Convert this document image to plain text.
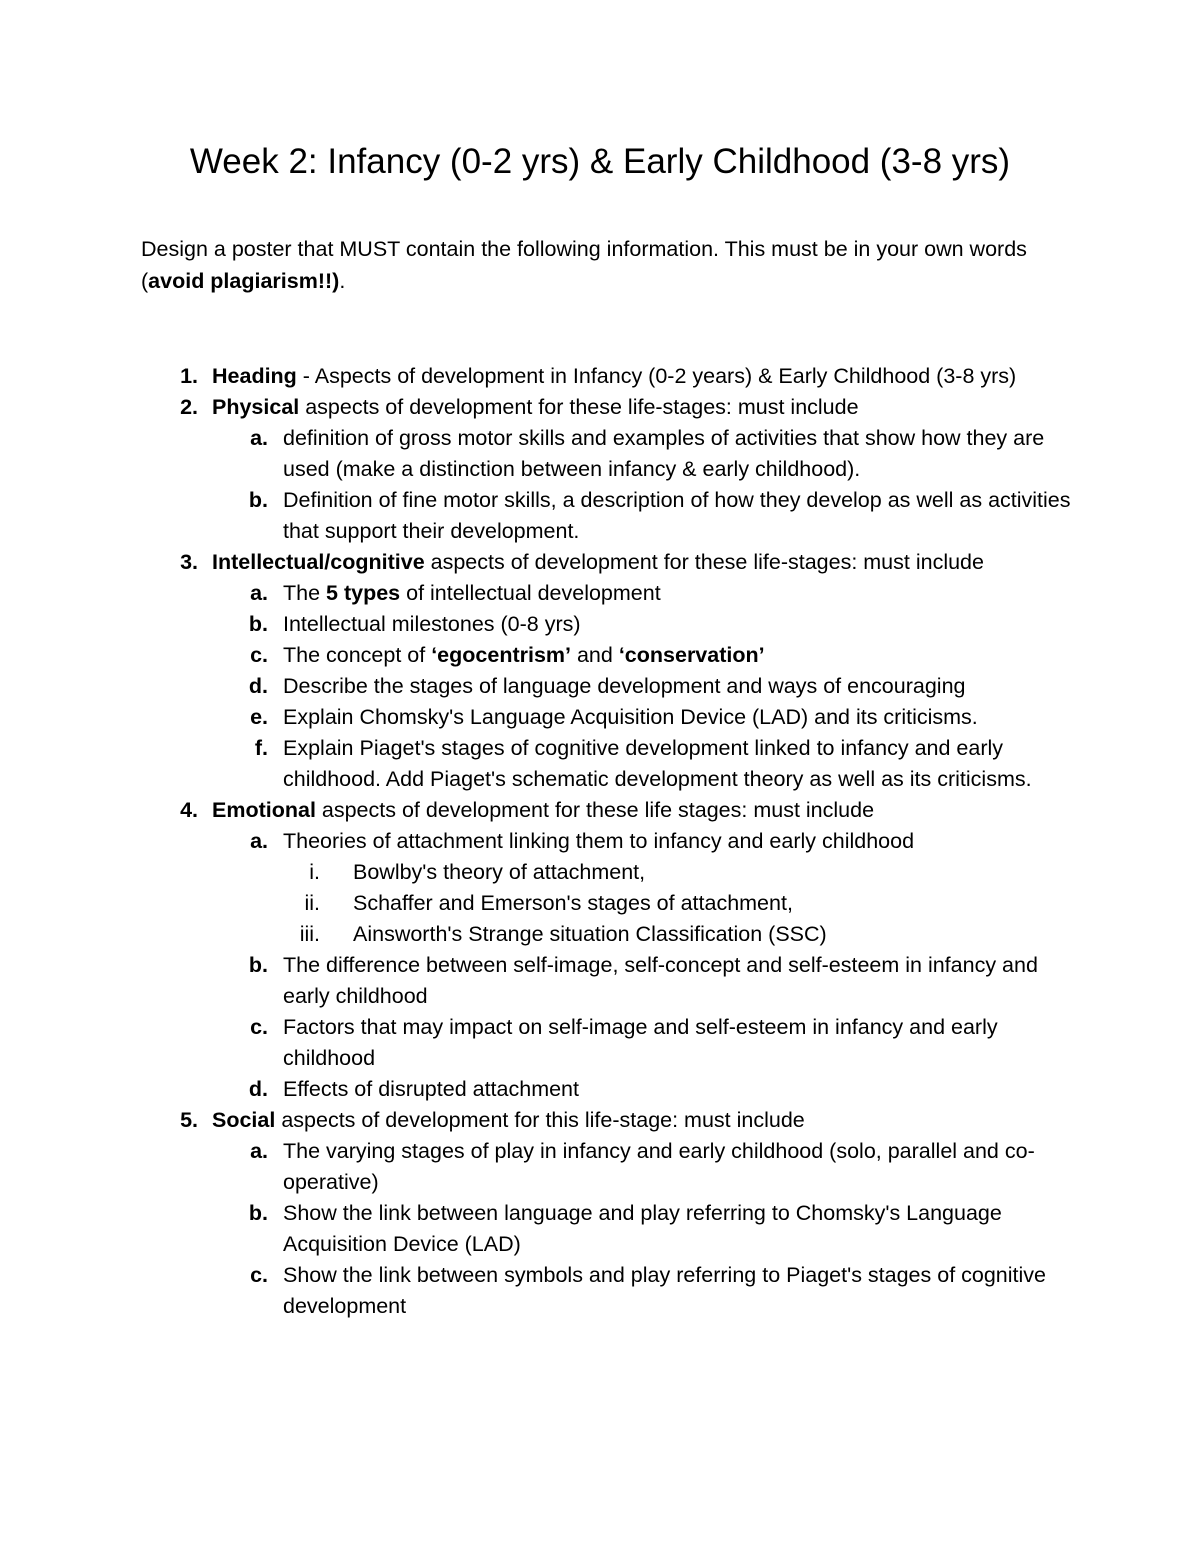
Week 2: Infancy (0-2 yrs) & Early Childhood (3-8 yrs)
Design a poster that MUST contain the following information. This must be in your own words (avoid plagiarism!!).
1. Heading - Aspects of development in Infancy (0-2 years) & Early Childhood (3-8 yrs)
2. Physical aspects of development for these life-stages: must include
a. definition of gross motor skills and examples of activities that show how they are used (make a distinction between infancy & early childhood).
b. Definition of fine motor skills, a description of how they develop as well as activities that support their development.
3. Intellectual/cognitive aspects of development for these life-stages: must include
a. The 5 types of intellectual development
b. Intellectual milestones (0-8 yrs)
c. The concept of ‘egocentrism’ and ‘conservation’
d. Describe the stages of language development and ways of encouraging
e. Explain Chomsky's Language Acquisition Device (LAD) and its criticisms.
f. Explain Piaget's stages of cognitive development linked to infancy and early childhood. Add Piaget's schematic development theory as well as its criticisms.
4. Emotional aspects of development for these life stages: must include
a. Theories of attachment linking them to infancy and early childhood
i. Bowlby's theory of attachment,
ii. Schaffer and Emerson's stages of attachment,
iii. Ainsworth's Strange situation Classification (SSC)
b. The difference between self-image, self-concept and self-esteem in infancy and early childhood
c. Factors that may impact on self-image and self-esteem in infancy and early childhood
d. Effects of disrupted attachment
5. Social aspects of development for this life-stage: must include
a. The varying stages of play in infancy and early childhood (solo, parallel and co-operative)
b. Show the link between language and play referring to Chomsky's Language Acquisition Device (LAD)
c. Show the link between symbols and play referring to Piaget's stages of cognitive development
